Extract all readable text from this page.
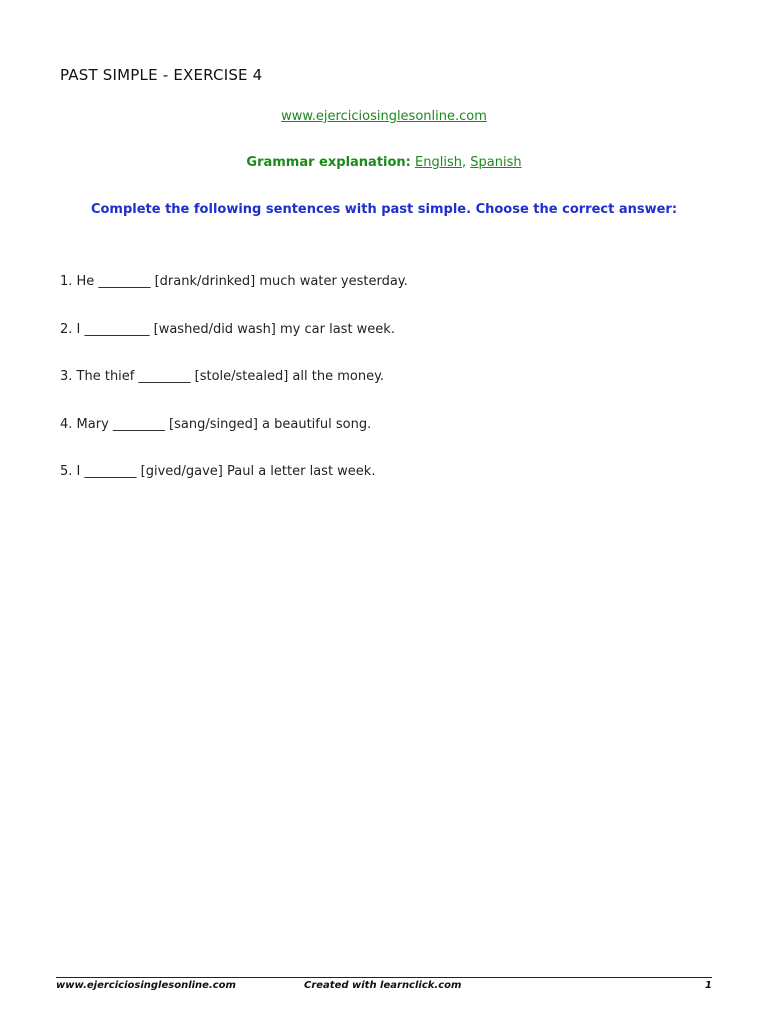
PAST SIMPLE - EXERCISE 4
www.ejerciciosinglesonline.com
Grammar explanation: English, Spanish
Complete the following sentences with past simple. Choose the correct answer:
1. He ________ [drank/drinked] much water yesterday.
2. I __________ [washed/did wash] my car last week.
3. The thief ________ [stole/stealed] all the money.
4. Mary ________ [sang/singed] a beautiful song.
5. I ________ [gived/gave] Paul a letter last week.
www.ejerciciosinglesonline.com	Created with learnclick.com	1
